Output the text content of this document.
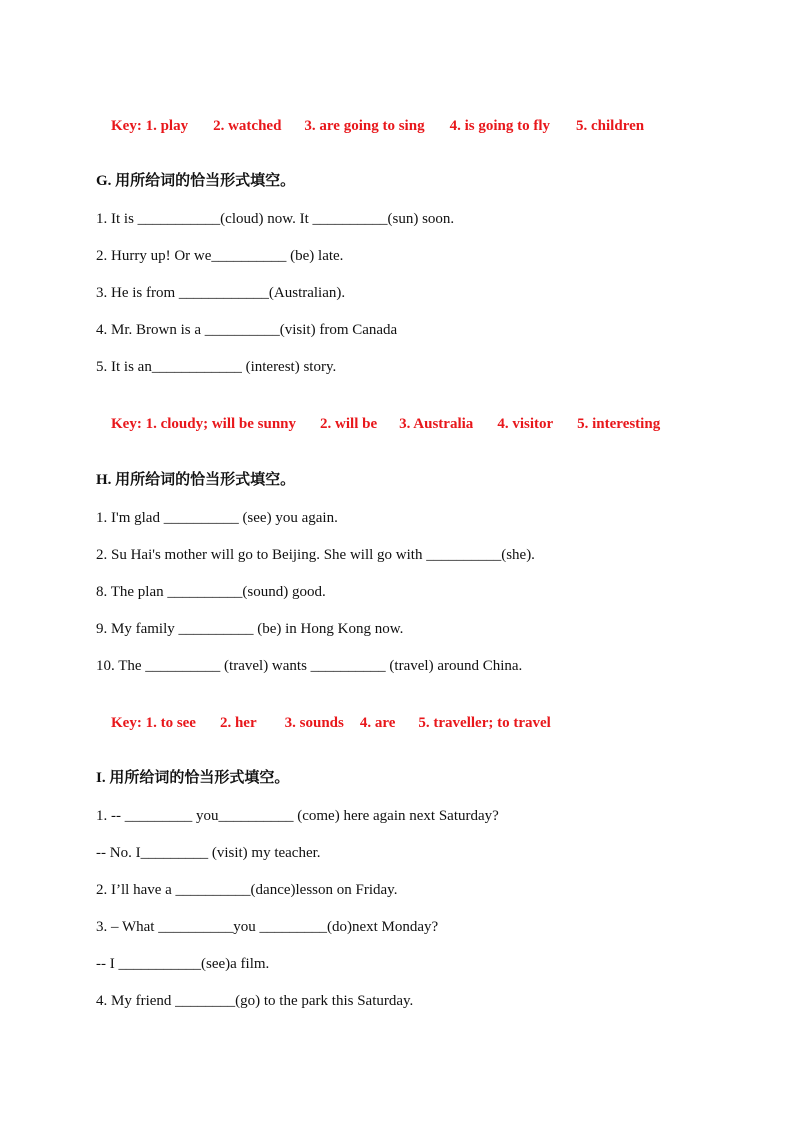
Key: 1. play 2. watched 3. are going to sing 4. is going to fly 5. children

G. 用所给词的恰当形式填空。
1. It is ___________(cloud) now. It __________(sun) soon.
2. Hurry up! Or we__________ (be) late.
3. He is from ____________(Australian).
4. Mr. Brown is a __________(visit) from Canada
5. It is an____________ (interest) story.

Key: 1. cloudy; will be sunny 2. will be 3. Australia 4. visitor 5. interesting

H. 用所给词的恰当形式填空。
1. I'm glad __________ (see) you again.
2. Su Hai's mother will go to Beijing. She will go with __________(she).
8. The plan __________(sound) good.
9. My family __________ (be) in Hong Kong now.
10. The __________ (travel) wants __________ (travel) around China.

Key: 1. to see 2. her 3. sounds 4. are 5. traveller; to travel

I. 用所给词的恰当形式填空。
1. -- _________ you__________ (come) here again next Saturday?
-- No. I_________ (visit) my teacher.
2. I’ll have a __________(dance)lesson on Friday.
3. – What __________you _________(do)next Monday?
-- I ___________(see)a film.
4. My friend ________(go) to the park this Saturday.
